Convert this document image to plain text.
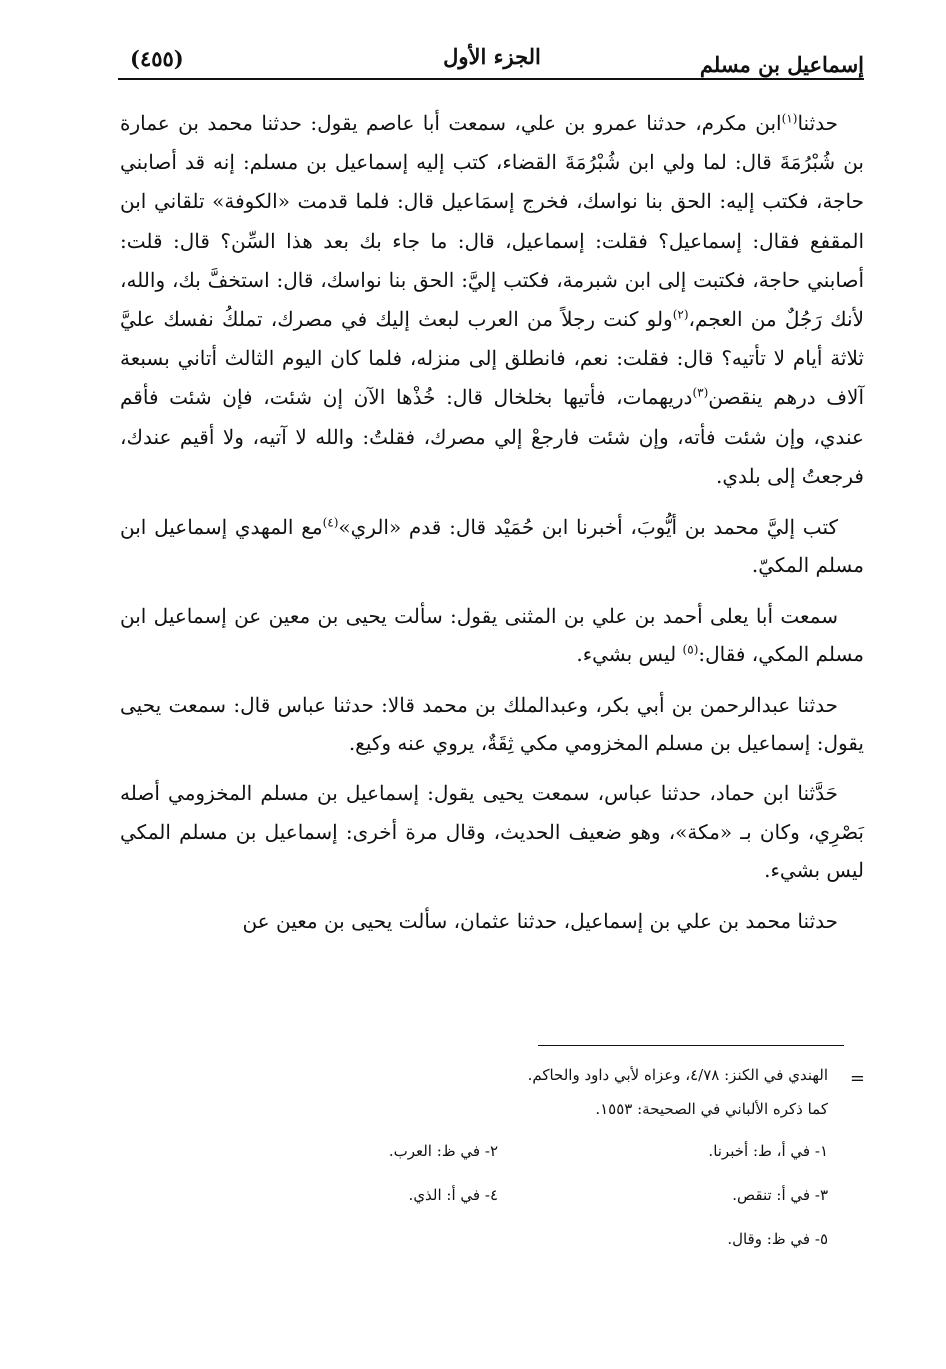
إسماعيل بن مسلم
الجزء الأول
(٤٥٥)

حدثنا$^{(١)}$ابن مكرم، حدثنا عمرو بن علي، سمعت أبا عاصم يقول: حدثنا محمد بن عمارة بن شُبْرُمَةَ قال: لما ولي ابن شُبْرُمَةَ القضاء، كتب إليه إسماعيل بن مسلم: إنه قد أصابني حاجة، فكتب إليه: الحق بنا نواسك، فخرج إسمَاعيل قال: فلما قدمت «الكوفة» تلقاني ابن المقفع فقال: إسماعيل؟ فقلت: إسماعيل، قال: ما جاء بك بعد هذا السِّن؟ قال: قلت: أصابني حاجة، فكتبت إلى ابن شبرمة، فكتب إليَّ: الحق بنا نواسك، قال: استخفَّ بك، والله، لأنك رَجُلٌ من العجم،$^{(٢)}$ولو كنت رجلاً من العرب لبعث إليك في مصرك، تملكُ نفسك عليَّ ثلاثة أيام لا تأتيه؟ قال: فقلت: نعم، فانطلق إلى منزله، فلما كان اليوم الثالث أتاني بسبعة آلاف درهم ينقصن$^{(٣)}$دريهمات، فأتيها بخلخال قال: خُذْها الآن إن شئت، فإن شئت فأقم عندي، وإن شئت فأته، وإن شئت فارجعْ إلي مصرك، فقلتُ: والله لا آتيه، ولا أقيم عندك، فرجعتُ إلى بلدي.

كتب إليَّ محمد بن أيُّوبَ، أخبرنا ابن حُمَيْد قال: قدم «الري»$^{(٤)}$مع المهدي إسماعيل ابن مسلم المكيّ.

سمعت أبا يعلى أحمد بن علي بن المثنى يقول: سألت يحيى بن معين عن إسماعيل ابن مسلم المكي، فقال:$^{(٥)}$ ليس بشيء.

حدثنا عبدالرحمن بن أبي بكر، وعبدالملك بن محمد قالا: حدثنا عباس قال: سمعت يحيى يقول: إسماعيل بن مسلم المخزومي مكي ثِقَةٌ، يروي عنه وكيع.

حَدَّثنا ابن حماد، حدثنا عباس، سمعت يحيى يقول: إسماعيل بن مسلم المخزومي أصله بَصْرِي، وكان بـ «مكة»، وهو ضعيف الحديث، وقال مرة أخرى: إسماعيل بن مسلم المكي ليس بشيء.

حدثنا محمد بن علي بن إسماعيل، حدثنا عثمان، سألت يحيى بن معين عن

=
الهندي في الكنز: ٤/٧٨، وعزاه لأبي داود والحاكم.
كما ذكره الألباني في الصحيحة: ١٥٥٣.
١- في أ، ط: أخبرنا.
٢- في ظ: العرب.
٣- في أ: تنقص.
٤- في أ: الذي.
٥- في ظ: وقال.
